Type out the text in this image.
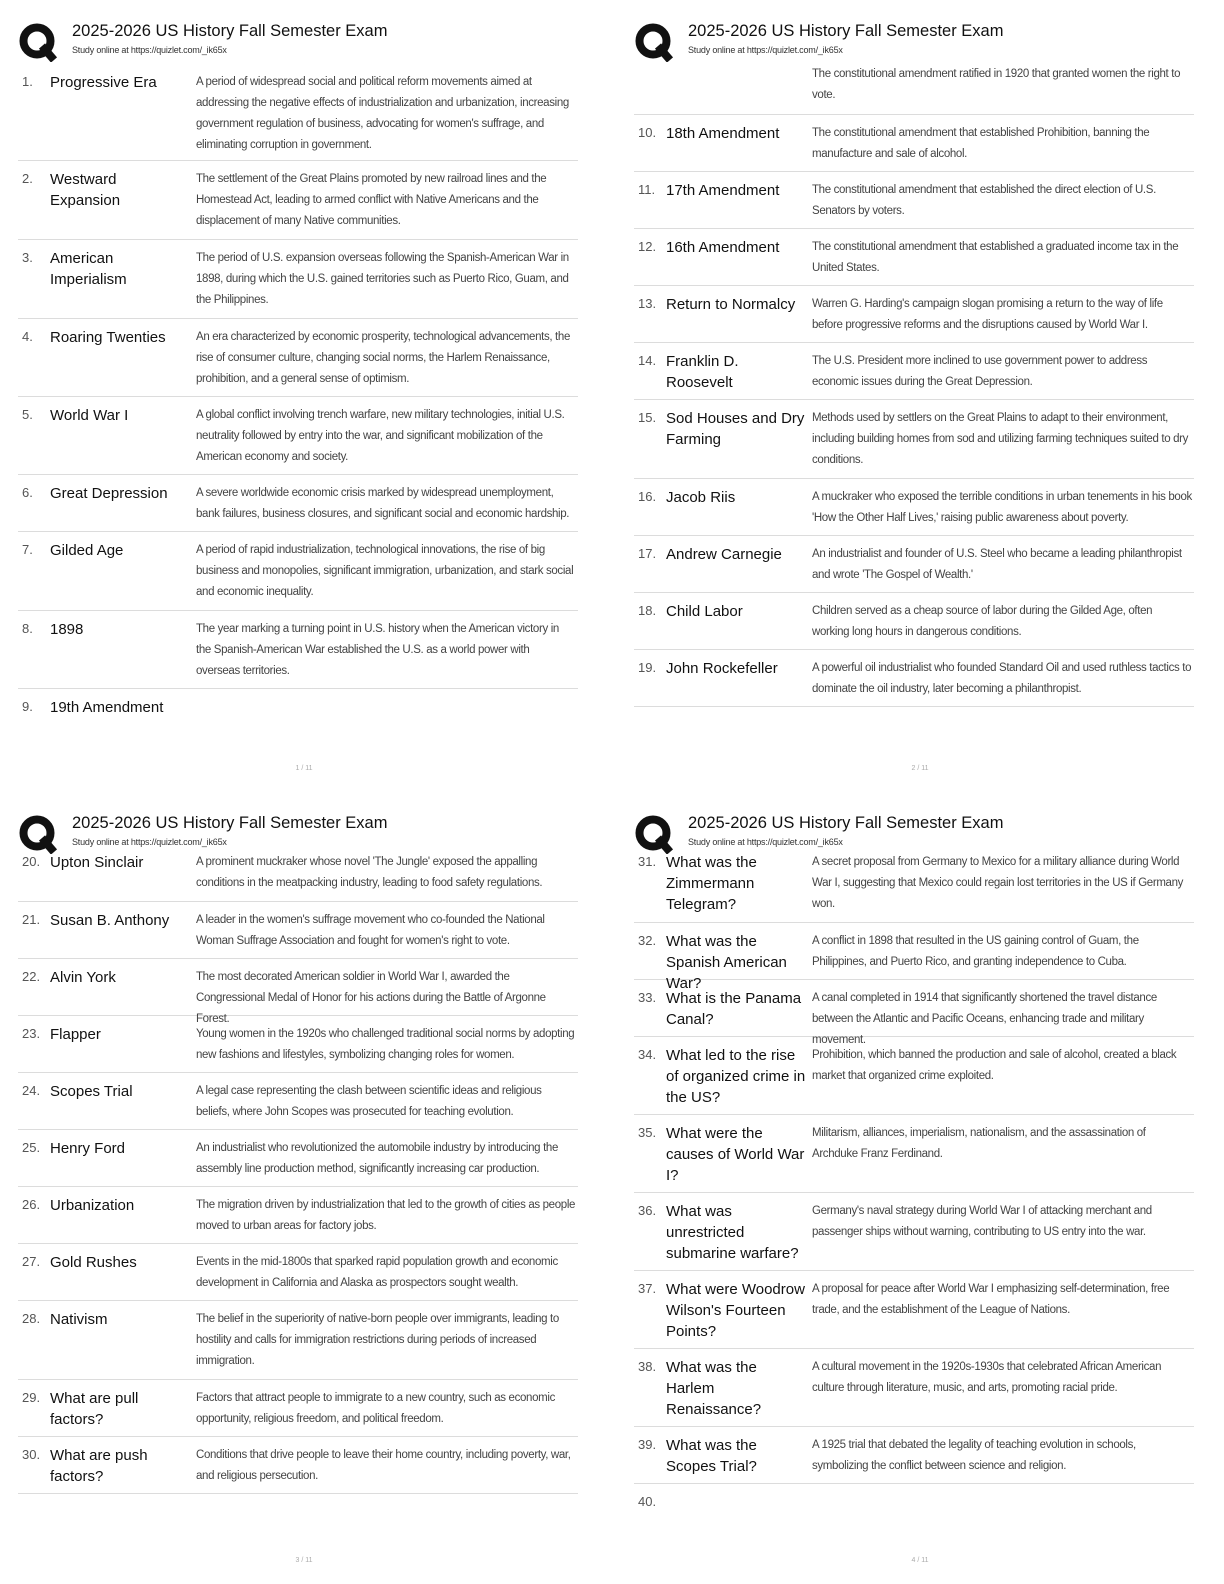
2025-2026 US History Fall Semester Exam
Study online at https://quizlet.com/_ik65x
1. Progressive Era	A period of widespread social and political reform movements aimed at addressing the negative effects of industrialization and urbanization, increasing government regulation of business, advocating for women's suffrage, and eliminating corruption in government.
2. Westward Expansion
The settlement of the Great Plains promoted by new railroad lines and the Homestead Act, leading to armed conflict with Native Americans and the displacement of many Native communities.
3. American Imperialism
The period of U.S. expansion overseas following the Spanish-American War in 1898, during which the U.S. gained territories such as Puerto Rico, Guam, and the Philippines.
4. Roaring Twenties	An era characterized by economic prosperity, technological advancements, the rise of consumer culture, changing social norms, the Harlem Renaissance, prohibition, and a general sense of optimism.
5. World War I	A global conflict involving trench warfare, new military technologies, initial U.S. neutrality followed by entry into the war, and significant mobilization of the American economy and society.
6. Great Depression	A severe worldwide economic crisis marked by widespread unemployment, bank failures, business closures, and significant social and economic hardship.
7. Gilded Age	A period of rapid industrialization, technological innovations, the rise of big business and monopolies, significant immigration, urbanization, and stark social and economic inequality.
8. 1898	The year marking a turning point in U.S. history when the American victory in the Spanish-American War established the U.S. as a world power with overseas territories.
9. 19th Amendment
1 / 11
2025-2026 US History Fall Semester Exam
Study online at https://quizlet.com/_ik65x
The constitutional amendment ratified in 1920 that granted women the right to vote.
10. 18th Amendment	The constitutional amendment that established Prohibition, banning the manufacture and sale of alcohol.
11. 17th Amendment	The constitutional amendment that established the direct election of U.S. Senators by voters.
12. 16th Amendment	The constitutional amendment that established a graduated income tax in the United States.
13. Return to Normalcy	Warren G. Harding's campaign slogan promising a return to the way of life before progressive reforms and the disruptions caused by World War I.
14. Franklin D. Roosevelt
The U.S. President more inclined to use government power to address economic issues during the Great Depression.
15. Sod Houses and Dry Farming
Methods used by settlers on the Great Plains to adapt to their environment, including building homes from sod and utilizing farming techniques suited to dry conditions.
16. Jacob Riis	A muckraker who exposed the terrible conditions in urban tenements in his book 'How the Other Half Lives,' raising public awareness about poverty.
17. Andrew Carnegie	An industrialist and founder of U.S. Steel who became a leading philanthropist and wrote 'The Gospel of Wealth.'
18. Child Labor	Children served as a cheap source of labor during the Gilded Age, often working long hours in dangerous conditions.
19. John Rockefeller	A powerful oil industrialist who founded Standard Oil and used ruthless tactics to dominate the oil industry, later becoming a philanthropist.
2 / 11
2025-2026 US History Fall Semester Exam
Study online at https://quizlet.com/_ik65x
20. Upton Sinclair	A prominent muckraker whose novel 'The Jungle' exposed the appalling conditions in the meatpacking industry, leading to food safety regulations.
21. Susan B. Anthony	A leader in the women's suffrage movement who co-founded the National Woman Suffrage Association and fought for women's right to vote.
22. Alvin York	The most decorated American soldier in World War I, awarded the Congressional Medal of Honor for his actions during the Battle of Argonne Forest.
23. Flapper	Young women in the 1920s who challenged traditional social norms by adopting new fashions and lifestyles, symbolizing changing roles for women.
24. Scopes Trial	A legal case representing the clash between scientific ideas and religious beliefs, where John Scopes was prosecuted for teaching evolution.
25. Henry Ford	An industrialist who revolutionized the automobile industry by introducing the assembly line production method, significantly increasing car production.
26. Urbanization	The migration driven by industrialization that led to the growth of cities as people moved to urban areas for factory jobs.
27. Gold Rushes	Events in the mid-1800s that sparked rapid population growth and economic development in California and Alaska as prospectors sought wealth.
28. Nativism	The belief in the superiority of native-born people over immigrants, leading to hostility and calls for immigration restrictions during periods of increased immigration.
29. What are pull factors?
Factors that attract people to immigrate to a new country, such as economic opportunity, religious freedom, and political freedom.
30. What are push factors?
Conditions that drive people to leave their home country, including poverty, war, and religious persecution.
3 / 11
2025-2026 US History Fall Semester Exam
Study online at https://quizlet.com/_ik65x
31. What was the Zimmermann Telegram?
A secret proposal from Germany to Mexico for a military alliance during World War I, suggesting that Mexico could regain lost territories in the US if Germany won.
32. What was the Spanish American War?
A conflict in 1898 that resulted in the US gaining control of Guam, the Philippines, and Puerto Rico, and granting independence to Cuba.
33. What is the Panama Canal?
A canal completed in 1914 that significantly shortened the travel distance between the Atlantic and Pacific Oceans, enhancing trade and military movement.
34. What led to the rise of organized crime in the US?
Prohibition, which banned the production and sale of alcohol, created a black market that organized crime exploited.
35. What were the causes of World War I?
Militarism, alliances, imperialism, nationalism, and the assassination of Archduke Franz Ferdinand.
36. What was unrestricted submarine warfare?
Germany's naval strategy during World War I of attacking merchant and passenger ships without warning, contributing to US entry into the war.
37. What were Woodrow Wilson's Fourteen Points?
A proposal for peace after World War I emphasizing self-determination, free trade, and the establishment of the League of Nations.
38. What was the Harlem Renaissance?
A cultural movement in the 1920s-1930s that celebrated African American culture through literature, music, and arts, promoting racial pride.
39. What was the Scopes Trial?
A 1925 trial that debated the legality of teaching evolution in schools, symbolizing the conflict between science and religion.
40.
4 / 11
